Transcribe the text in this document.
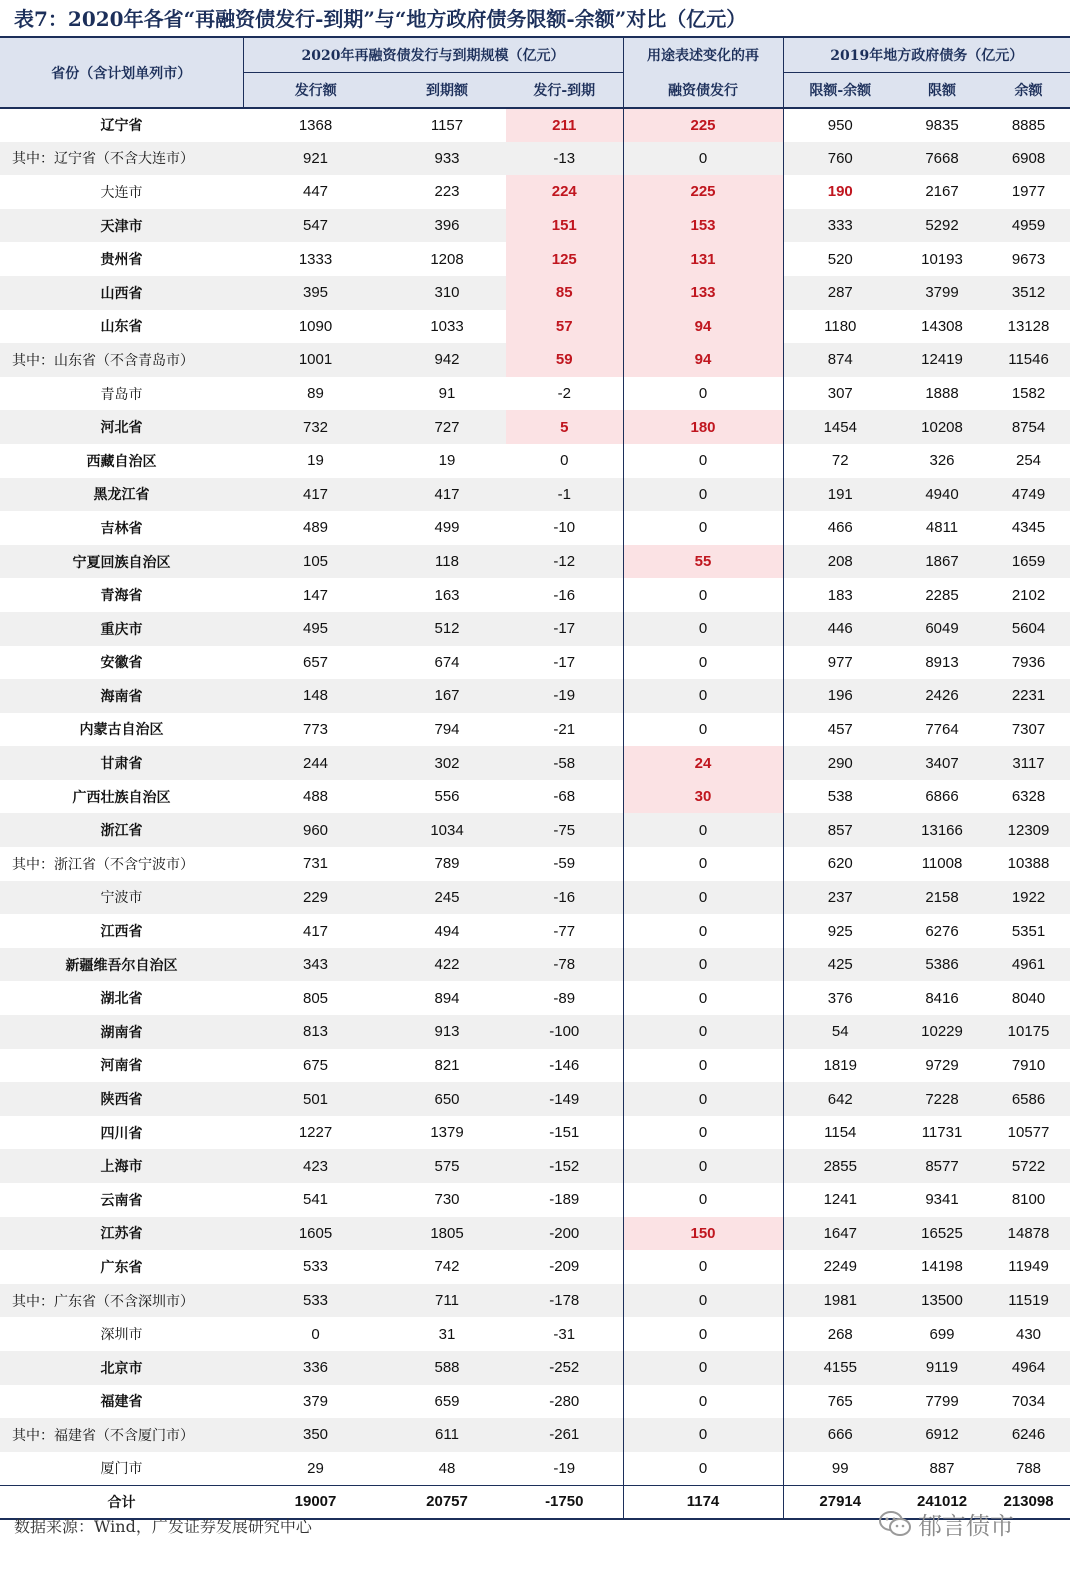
表7：2020年各省“再融资债发行-到期”与“地方政府债务限额-余额”对比（亿元）
省份（含计划单列市）	2020年再融资债发行与到期规模（亿元）			用途表述变化的再	2019年地方政府债务（亿元）		
	发行额	到期额	发行-到期	融资债发行	限额-余额	限额	余额
辽宁省	1368	1157	211	225	950	9835	8885
其中：辽宁省（不含大连市）	921	933	-13	0	760	7668	6908
大连市	447	223	224	225	190	2167	1977
天津市	547	396	151	153	333	5292	4959
贵州省	1333	1208	125	131	520	10193	9673
山西省	395	310	85	133	287	3799	3512
山东省	1090	1033	57	94	1180	14308	13128
其中：山东省（不含青岛市）	1001	942	59	94	874	12419	11546
青岛市	89	91	-2	0	307	1888	1582
河北省	732	727	5	180	1454	10208	8754
西藏自治区	19	19	0	0	72	326	254
黑龙江省	417	417	-1	0	191	4940	4749
吉林省	489	499	-10	0	466	4811	4345
宁夏回族自治区	105	118	-12	55	208	1867	1659
青海省	147	163	-16	0	183	2285	2102
重庆市	495	512	-17	0	446	6049	5604
安徽省	657	674	-17	0	977	8913	7936
海南省	148	167	-19	0	196	2426	2231
内蒙古自治区	773	794	-21	0	457	7764	7307
甘肃省	244	302	-58	24	290	3407	3117
广西壮族自治区	488	556	-68	30	538	6866	6328
浙江省	960	1034	-75	0	857	13166	12309
其中：浙江省（不含宁波市）	731	789	-59	0	620	11008	10388
宁波市	229	245	-16	0	237	2158	1922
江西省	417	494	-77	0	925	6276	5351
新疆维吾尔自治区	343	422	-78	0	425	5386	4961
湖北省	805	894	-89	0	376	8416	8040
湖南省	813	913	-100	0	54	10229	10175
河南省	675	821	-146	0	1819	9729	7910
陕西省	501	650	-149	0	642	7228	6586
四川省	1227	1379	-151	0	1154	11731	10577
上海市	423	575	-152	0	2855	8577	5722
云南省	541	730	-189	0	1241	9341	8100
江苏省	1605	1805	-200	150	1647	16525	14878
广东省	533	742	-209	0	2249	14198	11949
其中：广东省（不含深圳市）	533	711	-178	0	1981	13500	11519
深圳市	0	31	-31	0	268	699	430
北京市	336	588	-252	0	4155	9119	4964
福建省	379	659	-280	0	765	7799	7034
其中：福建省（不含厦门市）	350	611	-261	0	666	6912	6246
厦门市	29	48	-19	0	99	887	788
合计	19007	20757	-1750	1174	27914	241012	213098
数据来源：Wind，广发证券发展研究中心	郁言债市
